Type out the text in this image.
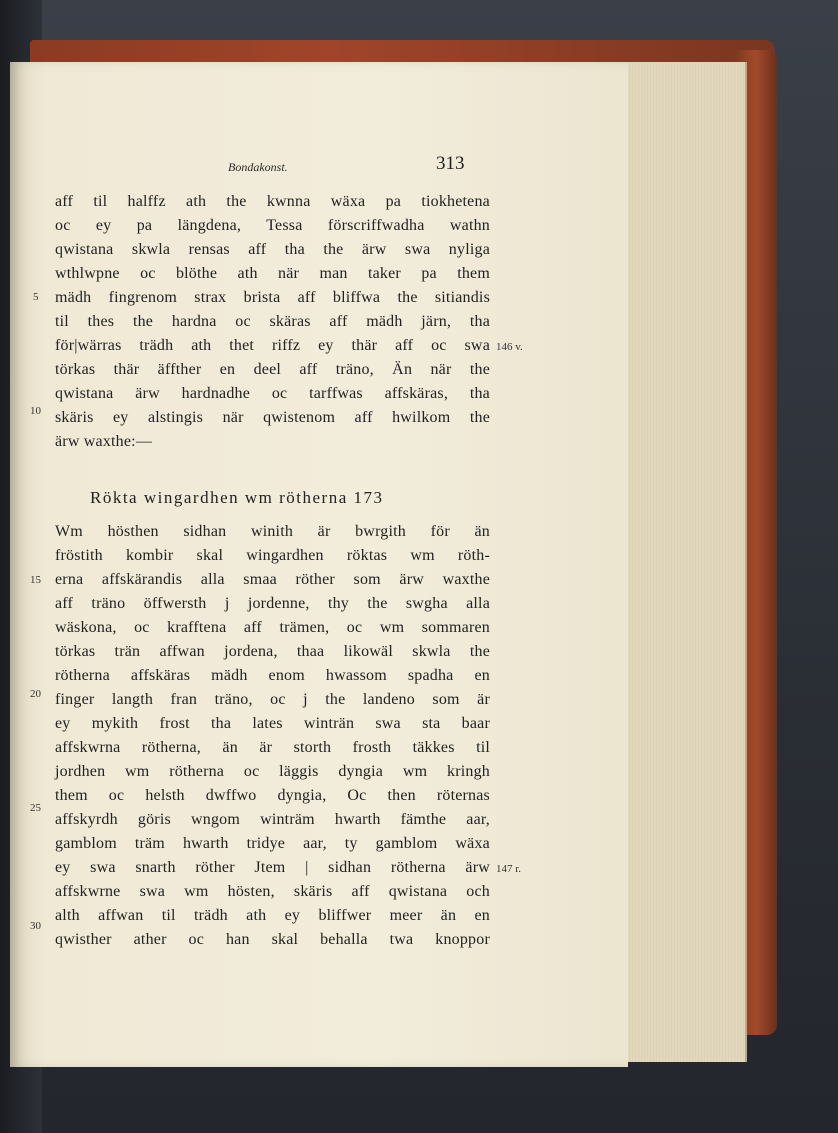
Bondakonst.	313
aff til halffz ath the kwnna wäxa pa tiokhetena
oc ey pa längdena, Tessa förscriffwadha wathn
qwistana skwla rensas aff tha the ärw swa nyliga
wthlwpne oc blöthe ath när man taker pa them
mädh fingrenom strax brista aff bliffwa the sitiandis
til thes the hardna oc skäras aff mädh järn, tha
för|wärras trädh ath thet riffz ey thär aff oc swa
törkas thär äffther en deel aff träno, Än när the
qwistana ärw hardnadhe oc tarffwas affskäras, tha
skäris ey alstingis när qwistenom aff hwilkom the
ärw waxthe:—
Rökta wingardhen wm rötherna 173
Wm hösthen sidhan winith är bwrgith för än
fröstith kombir skal wingardhen röktas wm röth-
erna affskärandis alla smaa röther som ärw waxthe
aff träno öffwersth j jordenne, thy the swgha alla
wäskona, oc krafftena aff trämen, oc wm sommaren
törkas trän affwan jordena, thaa likowäl skwla the
rötherna affskäras mädh enom hwassom spadha en
finger langth fran träno, oc j the landeno som är
ey mykith frost tha lates winträn swa sta baar
affskwrna rötherna, än är storth frosth täkkes til
jordhen wm rötherna oc läggis dyngia wm kringh
them oc helsth dwffwo dyngia, Oc then röternas
affskyrdh göris wngom winträm hwarth fämthe aar,
gamblom träm hwarth tridye aar, ty gamblom wäxa
ey swa snarth röther Jtem | sidhan rötherna ärw
affskwrne swa wm hösten, skäris aff qwistana och
alth affwan til trädh ath ey bliffwer meer än en
qwisther ather oc han skal behalla twa knoppor
5
10
15
20
25
30
146 v.
147 r.
